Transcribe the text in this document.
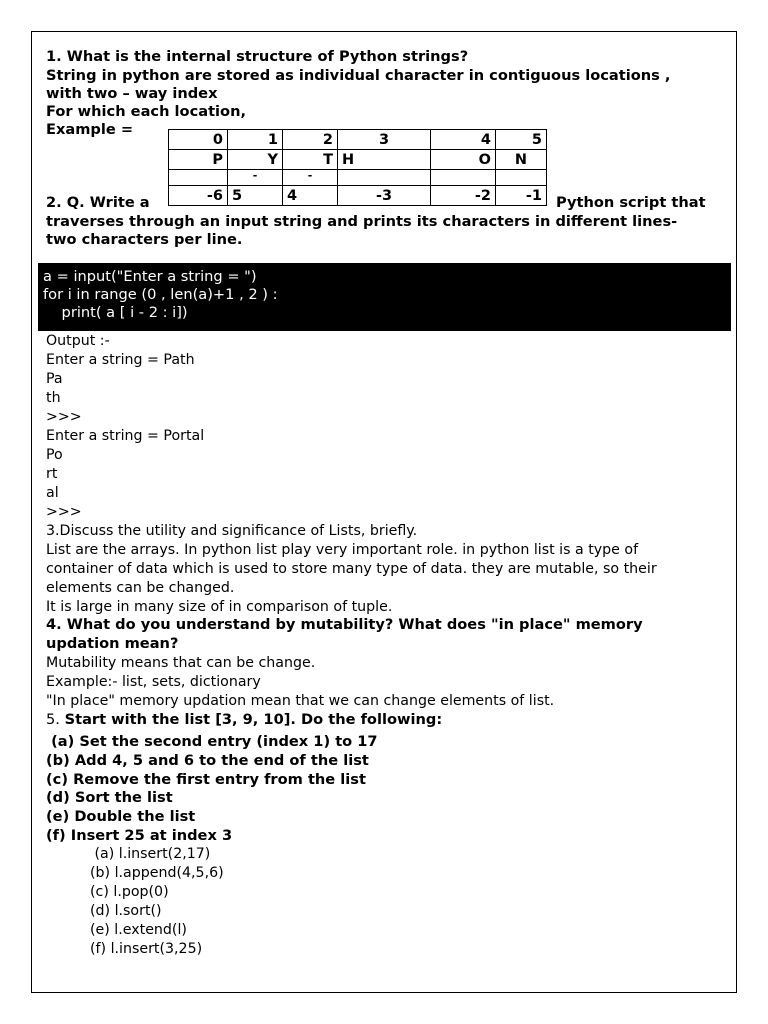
1. What is the internal structure of Python strings?
String in python are stored as individual character in contiguous locations ,
with two – way index
For which each location,
Example =
0	1	2	3	4	5
P	Y	T	H	O	N
	-	-			
-6	5	4	-3	-2	-1
2. Q. Write a	Python script that
traverses through an input string and prints its characters in different lines-
two characters per line.
a = input("Enter a string = ")
for i in range (0 , len(a)+1 , 2 ) :
print( a [ i - 2 : i])
Output :-
Enter a string = Path
Pa
th
>>>
Enter a string = Portal
Po
rt
al
>>>
3.Discuss the utility and significance of Lists, briefly.
List are the arrays. In python list play very important role. in python list is a type of
container of data which is used to store many type of data. they are mutable, so their
elements can be changed.
It is large in many size of in comparison of tuple.
4. What do you understand by mutability? What does "in place" memory
updation mean?
Mutability means that can be change.
Example:- list, sets, dictionary
"In place" memory updation mean that we can change elements of list.
5. Start with the list [3, 9, 10]. Do the following:
(a) Set the second entry (index 1) to 17
(b) Add 4, 5 and 6 to the end of the list
(c) Remove the first entry from the list
(d) Sort the list
(e) Double the list
(f) Insert 25 at index 3
(a) l.insert(2,17)
(b) l.append(4,5,6)
(c) l.pop(0)
(d) l.sort()
(e) l.extend(l)
(f) l.insert(3,25)
